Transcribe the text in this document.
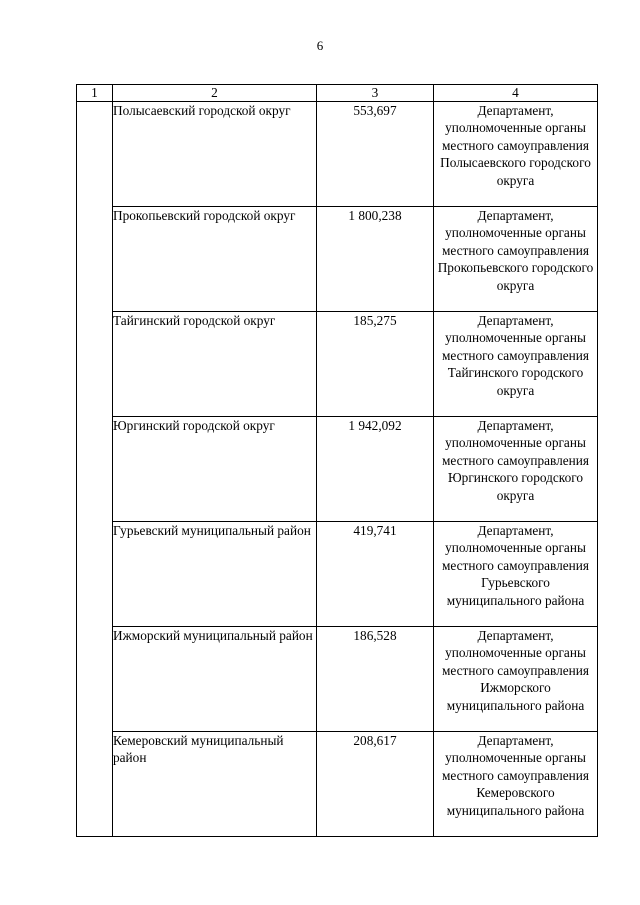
6
1	2	3	4
	Полысаевский городской округ	553,697	Департамент, уполномоченные органы местного самоуправления Полысаевского городского округа
	Прокопьевский городской округ	1 800,238	Департамент, уполномоченные органы местного самоуправления Прокопьевского городского округа
	Тайгинский городской округ	185,275	Департамент, уполномоченные органы местного самоуправления Тайгинского городского округа
	Юргинский городской округ	1 942,092	Департамент, уполномоченные органы местного самоуправления Юргинского городского округа
	Гурьевский муниципальный район	419,741	Департамент, уполномоченные органы местного самоуправления Гурьевского муниципального района
	Ижморский муниципальный район	186,528	Департамент, уполномоченные органы местного самоуправления Ижморского муниципального района
	Кемеровский муниципальный район	208,617	Департамент, уполномоченные органы местного самоуправления Кемеровского муниципального района
